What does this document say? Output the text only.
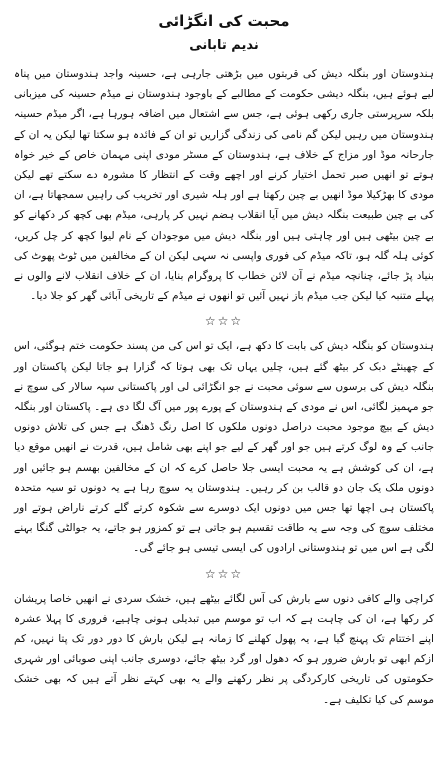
محبت کی انگڑائی
ندیم تابانی

ہندوستان اور بنگلہ دیش کی قربتوں میں بڑھتی جارہی ہے، حسینہ واجد ہندوستان میں پناہ لیے ہوئے ہیں، بنگلہ دیشی حکومت کے مطالبے کے باوجود ہندوستان نے میڈم حسینہ کی میزبانی بلکہ سرپرستی جاری رکھی ہوئی ہے، جس سے اشتعال میں اضافہ ہورہا ہے، اگر میڈم حسینہ ہندوستان میں رہیں لیکن گم نامی کی زندگی گزاریں تو ان کے فائدہ ہو سکتا تھا لیکن یہ ان کے جارحانہ موڈ اور مزاج کے خلاف ہے، ہندوستان کے مسٹر مودی اپنی مہمان خاص کے خیر خواہ ہوتے تو انھیں صبر تحمل اختیار کرنے اور اچھے وقت کے انتظار کا مشورہ دے سکتے تھے لیکن مودی کا بھڑکیلا موڈ انھیں بے چین رکھتا ہے اور ہلہ شیری اور تخریب کی راہیں سمجھاتا ہے، ان کی بے چین طبیعت بنگلہ دیش میں آیا انقلاب ہضم نہیں کر پارہی، میڈم بھی کچھ کر دکھانے کو بے چین بیٹھی ہیں اور چاہتی ہیں اور بنگلہ دیش میں موجودان کے نام لیوا کچھ کر چل کریں، کوئی ہلہ گلہ ہو، تاکہ میڈم کی فوری واپسی نہ سہی لیکن ان کے مخالفین میں ٹوٹ پھوٹ کی بنیاد پڑ جائے، چنانچہ میڈم نے آن لائن خطاب کا پروگرام بنایا، ان کے خلاف انقلاب لانے والوں نے پہلے متنبہ کیا لیکن جب میڈم باز نہیں آئیں تو انھوں نے میڈم کے تاریخی آبائی گھر کو جلا دیا۔

☆☆☆

ہندوستان کو بنگلہ دیش کی بابت کا دکھ ہے، ایک تو اس کی من پسند حکومت ختم ہوگئی، اس کے چھینٹے دبک کر بیٹھ گئے ہیں، چلیں یہاں تک بھی ہوتا کہ گزارا ہو جاتا لیکن پاکستان اور بنگلہ دیش کی برسوں سے سوئی محبت نے جو انگڑائی لی اور پاکستانی سپہ سالار کی سوچ نے جو مہمیز لگائی، اس نے مودی کے ہندوستان کے پورے پور میں آگ لگا دی ہے۔ پاکستان اور بنگلہ دیش کے بیچ موجود محبت دراصل دونوں ملکوں کا اصل رنگ ڈھنگ ہے جس کی تلاش دونوں جانب کے وہ لوگ کرتے ہیں جو اور گھر کے لیے جو اپنے بھی شامل ہیں، قدرت نے انھیں موقع دیا ہے، ان کی کوشش ہے یہ محبت ایسی جلا حاصل کرے کہ ان کے مخالفین بھسم ہو جائیں اور دونوں ملک یک جان دو قالب بن کر رہیں۔ ہندوستان یہ سوچ رہا ہے یہ دونوں تو سیہ متحدہ پاکستان ہی اچھا تھا جس میں دونوں ایک دوسرے سے شکوہ کرتے گلے کرتے ناراض ہوتے اور مختلف سوچ کی وجہ سے یہ طاقت تقسیم ہو جاتی ہے تو کمزور ہو جاتے، یہ جوالٹی گنگا بہنے لگی ہے اس میں تو ہندوستانی ارادوں کی ایسی تیسی ہو جائے گی۔

☆☆☆

کراچی والے کافی دنوں سے بارش کی آس لگائے بیٹھے ہیں، خشک سردی نے انھیں خاصا پریشان کر رکھا ہے، ان کی چاہت ہے کہ اب تو موسم میں تبدیلی ہونی چاہیے، فروری کا پہلا عشرہ اپنے اختتام تک پہنچ گیا ہے، یہ پھول کھلنے کا زمانہ ہے لیکن بارش کا دور دور تک پتا نہیں، کم ازکم ابھی تو بارش ضرور ہو کہ دھول اور گرد بیٹھ جائے، دوسری جانب اپنی صوبائی اور شہری حکومتوں کی تاریخی کارکردگی پر نظر رکھنے والے یہ بھی کہتے نظر آتے ہیں کہ بھی خشک موسم کی کیا تکلیف ہے۔
